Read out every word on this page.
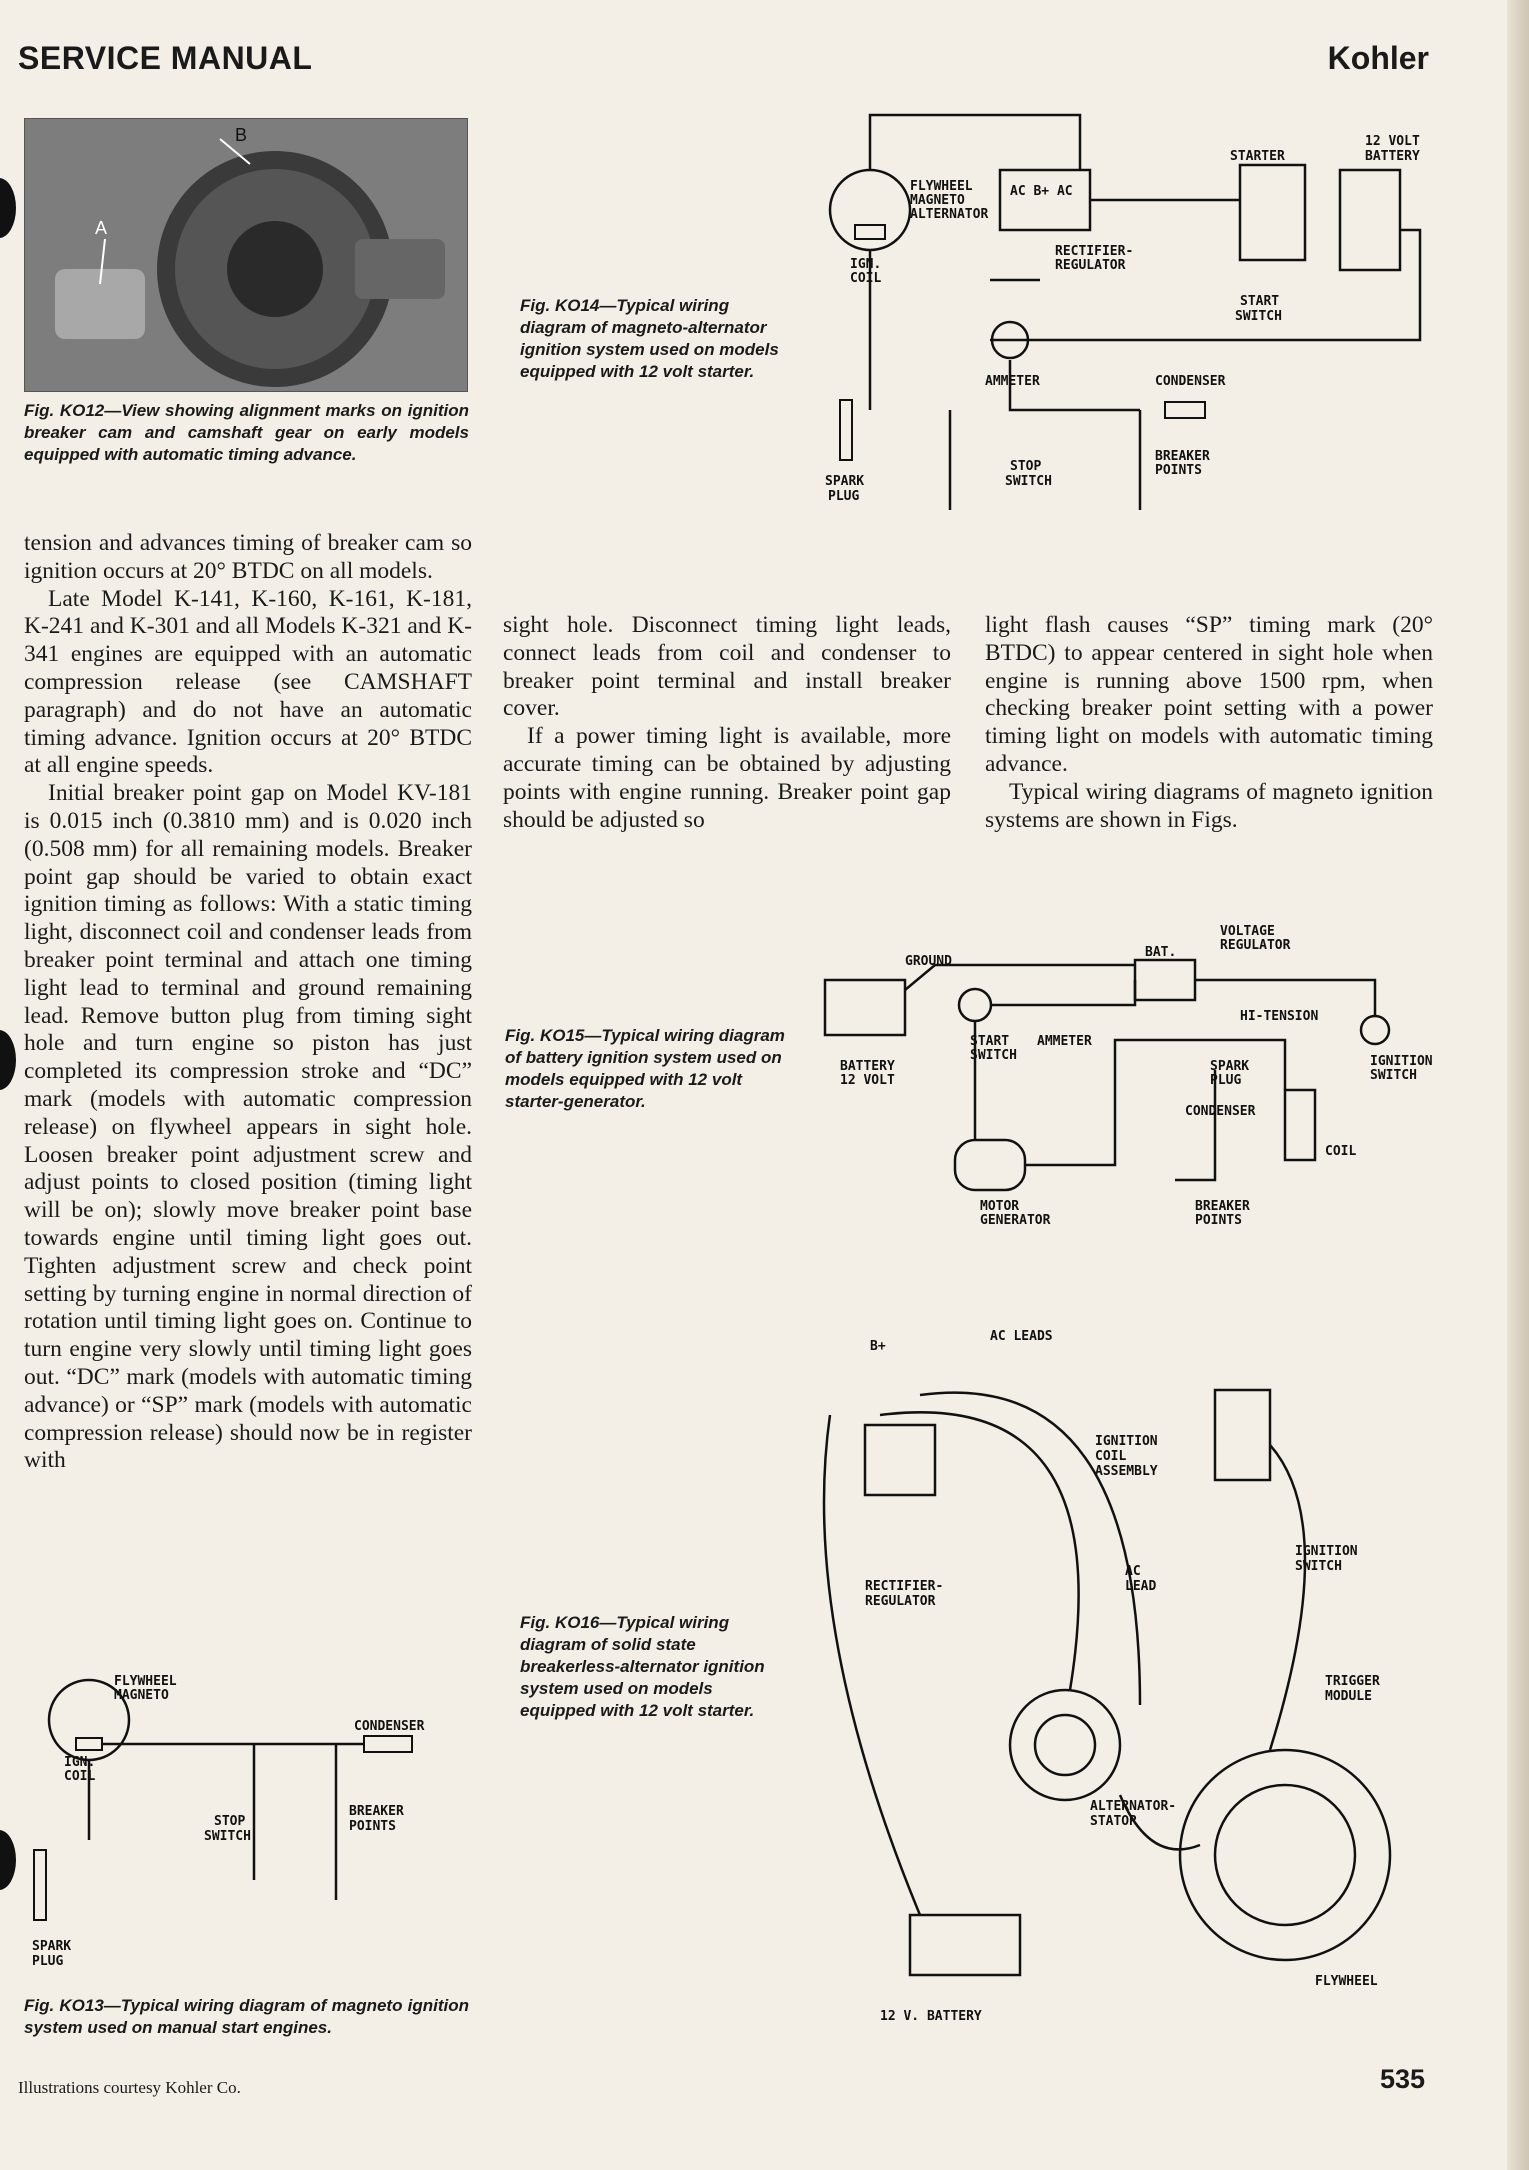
SERVICE MANUAL	Kohler
A
B
Fig. KO12—View showing alignment marks on ignition breaker cam and camshaft gear on early models equipped with automatic timing advance.

tension and advances timing of breaker cam so ignition occurs at 20° BTDC on all models.

Late Model K-141, K-160, K-161, K-181, K-241 and K-301 and all Models K-321 and K-341 engines are equipped with an automatic compression release (see CAMSHAFT paragraph) and do not have an automatic timing advance. Ignition occurs at 20° BTDC at all engine speeds.

Initial breaker point gap on Model KV-181 is 0.015 inch (0.3810 mm) and is 0.020 inch (0.508 mm) for all remaining models. Breaker point gap should be varied to obtain exact ignition timing as follows: With a static timing light, disconnect coil and condenser leads from breaker point terminal and attach one timing light lead to terminal and ground remaining lead. Remove button plug from timing sight hole and turn engine so piston has just completed its compression stroke and “DC” mark (models with automatic compression release) on flywheel appears in sight hole. Loosen breaker point adjustment screw and adjust points to closed position (timing light will be on); slowly move breaker point base towards engine until timing light goes out. Tighten adjustment screw and check point setting by turning engine in normal direction of rotation until timing light goes on. Continue to turn engine very slowly until timing light goes out. “DC” mark (models with automatic timing advance) or “SP” mark (models with automatic compression release) should now be in register with

sight hole. Disconnect timing light leads, connect leads from coil and condenser to breaker point terminal and install breaker cover.

If a power timing light is available, more accurate timing can be obtained by adjusting points with engine running. Breaker point gap should be adjusted so

light flash causes “SP” timing mark (20° BTDC) to appear centered in sight hole when engine is running above 1500 rpm, when checking breaker point setting with a power timing light on models with automatic timing advance.

Typical wiring diagrams of magneto ignition systems are shown in Figs.

FLYWHEEL
MAGNETO
ALTERNATOR
IGN.
COIL
AC B+ AC
RECTIFIER-
REGULATOR
STARTER
12 VOLT
BATTERY
START
SWITCH
AMMETER	CONDENSER
BREAKER
POINTS
STOP
SWITCH
SPARK
PLUG
Fig. KO14—Typical wiring diagram of magneto-alternator ignition system used on models equipped with 12 volt starter.
GROUND
VOLTAGE
REGULATOR
BAT.
HI-TENSION
IGNITION
SWITCH
START
SWITCH
AMMETER
BATTERY
12 VOLT
SPARK
PLUG
CONDENSER
COIL
MOTOR
GENERATOR
BREAKER
POINTS
Fig. KO15—Typical wiring diagram of battery ignition system used on models equipped with 12 volt starter-generator.
B+
AC LEADS
IGNITION
COIL
ASSEMBLY
IGNITION
SWITCH
RECTIFIER-
REGULATOR
AC
LEAD
TRIGGER
MODULE
ALTERNATOR-
STATOR
FLYWHEEL
12 V. BATTERY
Fig. KO16—Typical wiring diagram of solid state breakerless-alternator ignition system used on models equipped with 12 volt starter.
FLYWHEEL
MAGNETO
IGN.
COIL
CONDENSER
BREAKER
POINTS
STOP
SWITCH
SPARK
PLUG
Fig. KO13—Typical wiring diagram of magneto ignition system used on manual start engines.
Illustrations courtesy Kohler Co.	535
